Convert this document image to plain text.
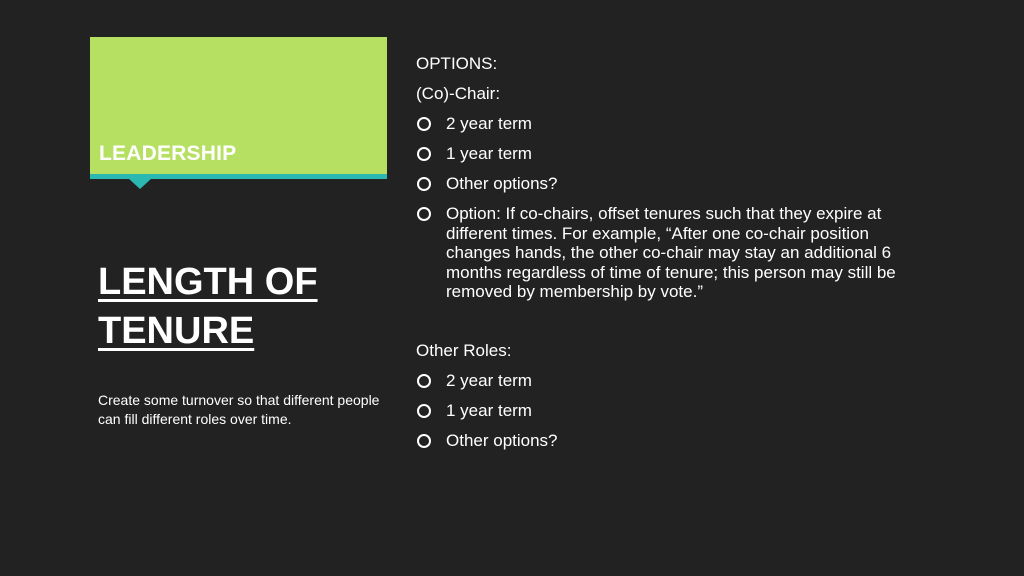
LEADERSHIP
LENGTH OF TENURE
Create some turnover so that different people can fill different roles over time.
OPTIONS:
(Co)-Chair:
2 year term
1 year term
Other options?
Option: If co-chairs, offset tenures such that they expire at different times. For example, “After one co-chair position changes hands, the other co-chair may stay an additional 6 months regardless of time of tenure; this person may still be removed by membership by vote.”
Other Roles:
2 year term
1 year term
Other options?
